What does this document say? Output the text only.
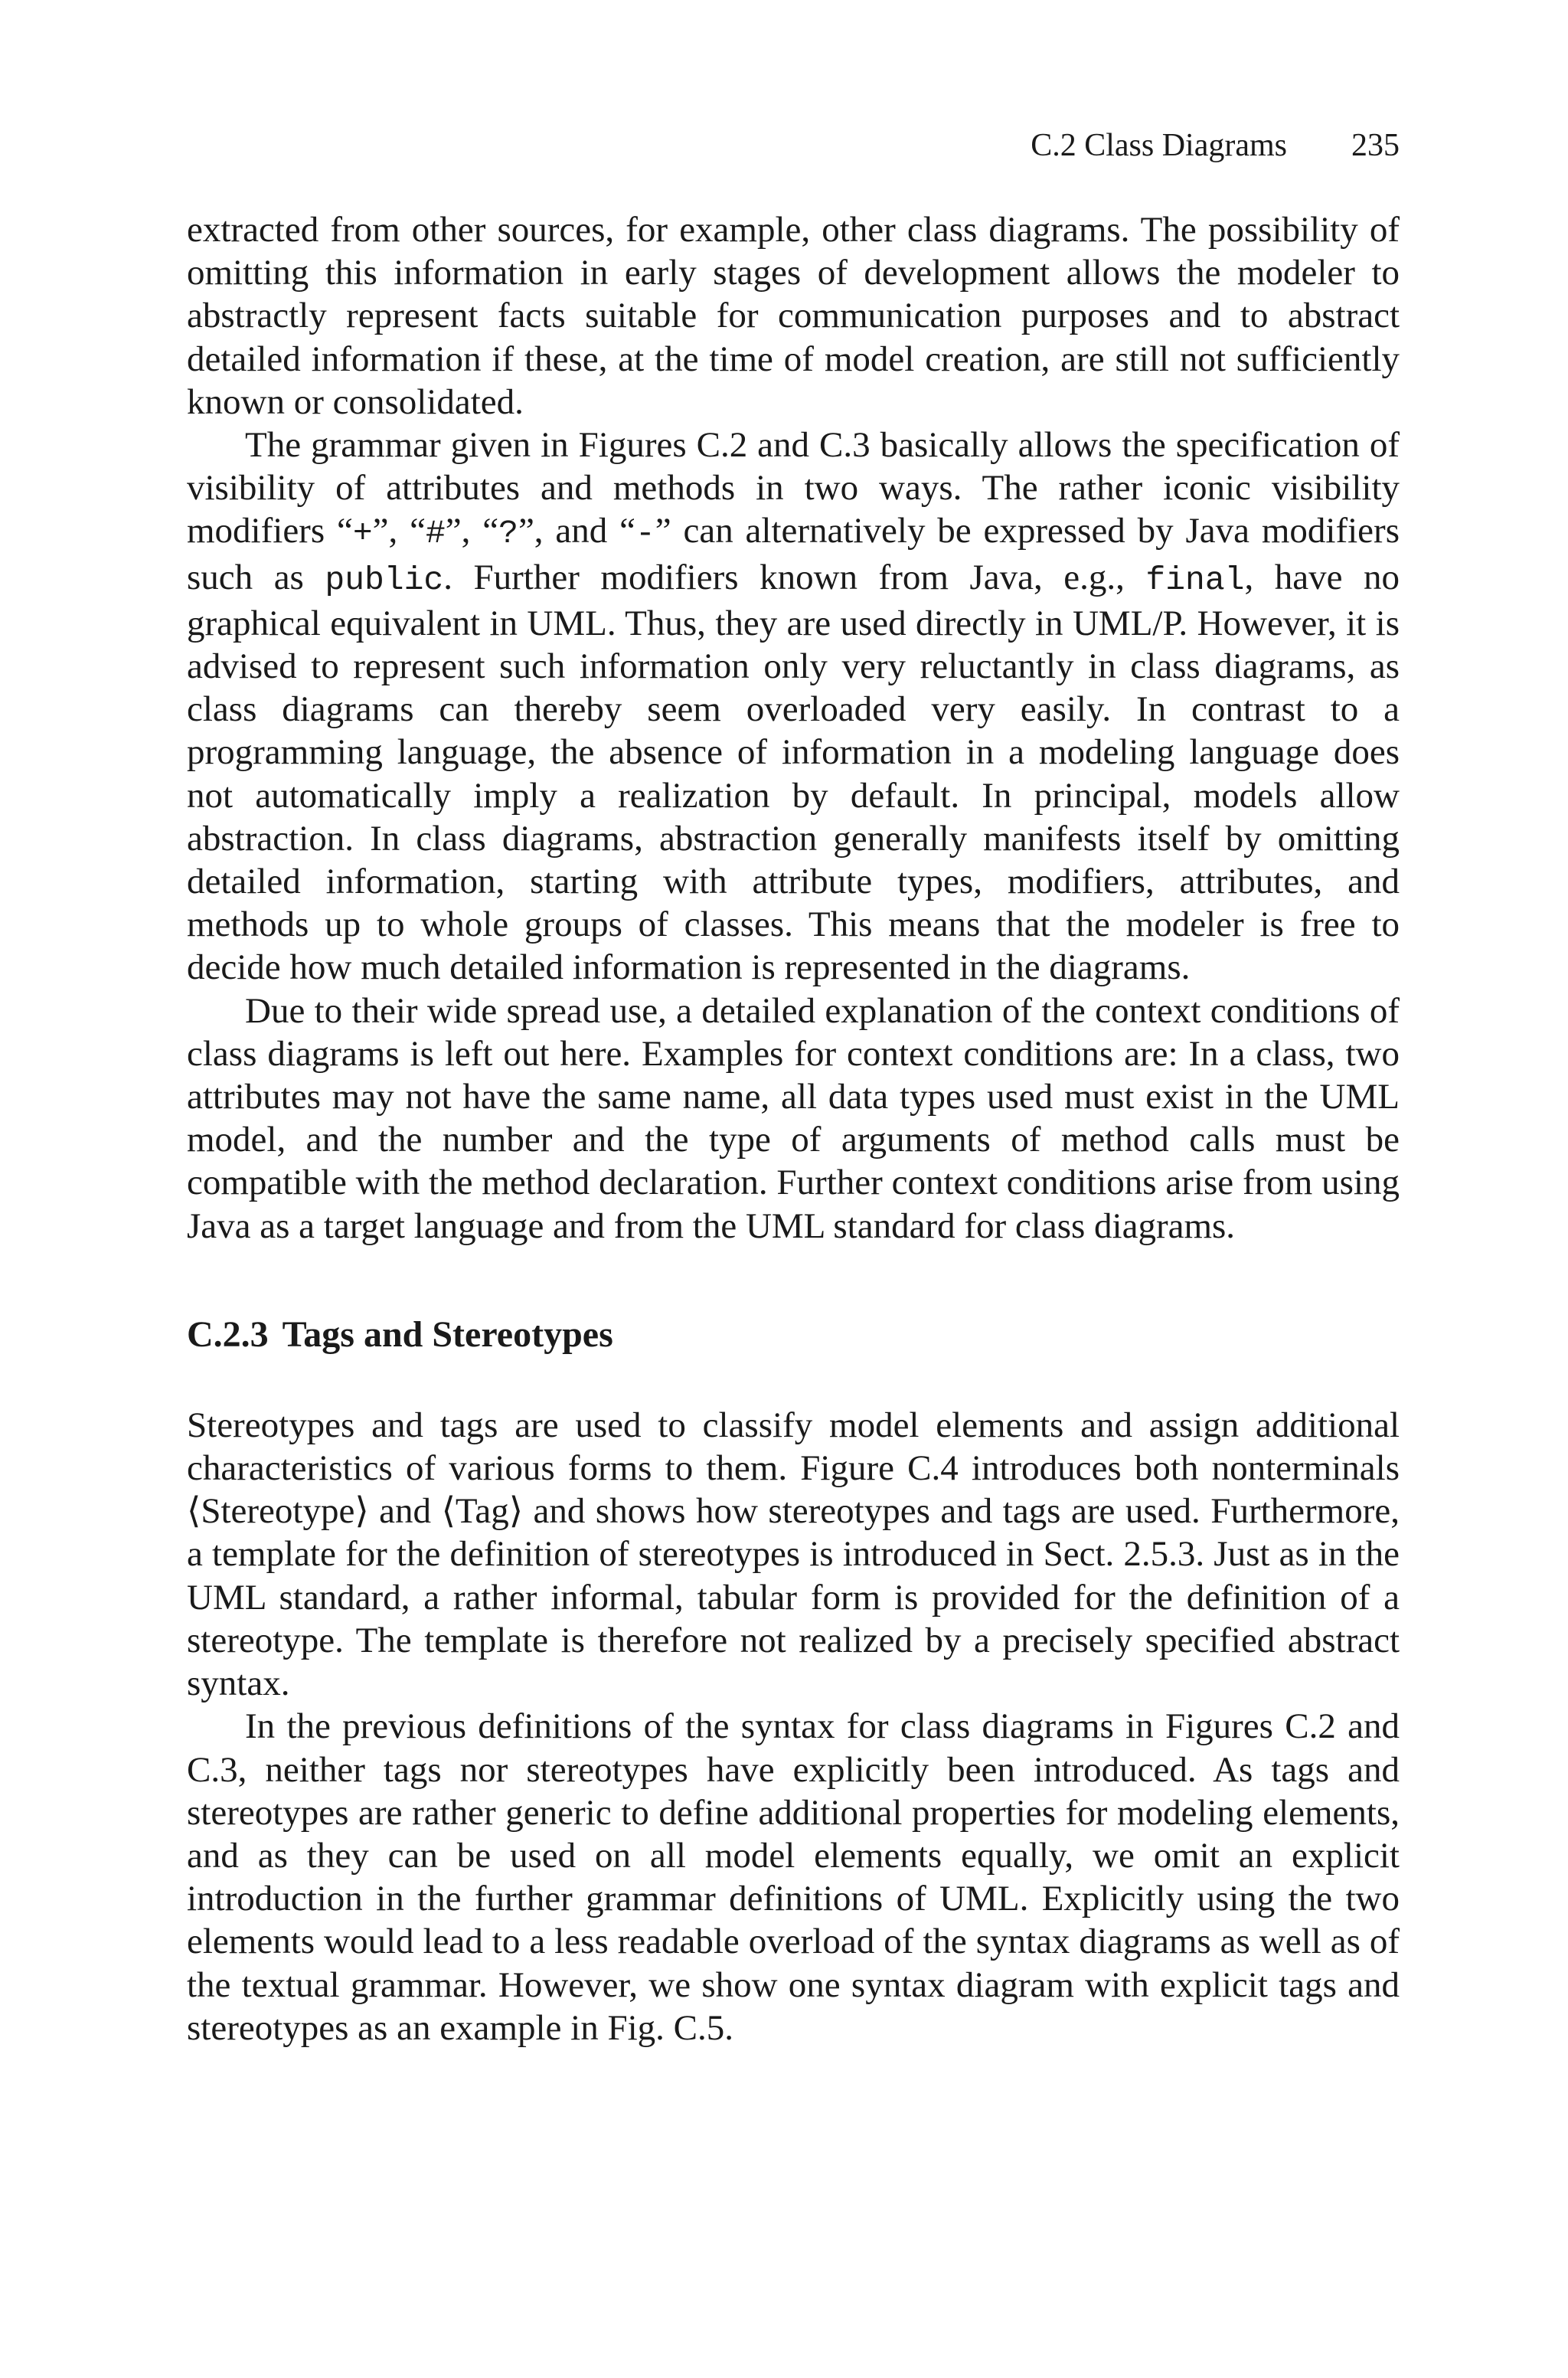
C.2 Class Diagrams 235

extracted from other sources, for example, other class diagrams. The possibility of omitting this information in early stages of development allows the modeler to abstractly represent facts suitable for communication purposes and to abstract detailed information if these, at the time of model creation, are still not sufficiently known or consolidated.

The grammar given in Figures C.2 and C.3 basically allows the specification of visibility of attributes and methods in two ways. The rather iconic visibility modifiers “+”, “#”, “?”, and “-” can alternatively be expressed by Java modifiers such as public. Further modifiers known from Java, e.g., final, have no graphical equivalent in UML. Thus, they are used directly in UML/P. However, it is advised to represent such information only very reluctantly in class diagrams, as class diagrams can thereby seem overloaded very easily. In contrast to a programming language, the absence of information in a modeling language does not automatically imply a realization by default. In principal, models allow abstraction. In class diagrams, abstraction generally manifests itself by omitting detailed information, starting with attribute types, modifiers, attributes, and methods up to whole groups of classes. This means that the modeler is free to decide how much detailed information is represented in the diagrams.

Due to their wide spread use, a detailed explanation of the context conditions of class diagrams is left out here. Examples for context conditions are: In a class, two attributes may not have the same name, all data types used must exist in the UML model, and the number and the type of arguments of method calls must be compatible with the method declaration. Further context conditions arise from using Java as a target language and from the UML standard for class diagrams.

C.2.3 Tags and Stereotypes

Stereotypes and tags are used to classify model elements and assign additional characteristics of various forms to them. Figure C.4 introduces both nonterminals ⟨Stereotype⟩ and ⟨Tag⟩ and shows how stereotypes and tags are used. Furthermore, a template for the definition of stereotypes is introduced in Sect. 2.5.3. Just as in the UML standard, a rather informal, tabular form is provided for the definition of a stereotype. The template is therefore not realized by a precisely specified abstract syntax.

In the previous definitions of the syntax for class diagrams in Figures C.2 and C.3, neither tags nor stereotypes have explicitly been introduced. As tags and stereotypes are rather generic to define additional properties for modeling elements, and as they can be used on all model elements equally, we omit an explicit introduction in the further grammar definitions of UML. Explicitly using the two elements would lead to a less readable overload of the syntax diagrams as well as of the textual grammar. However, we show one syntax diagram with explicit tags and stereotypes as an example in Fig. C.5.
